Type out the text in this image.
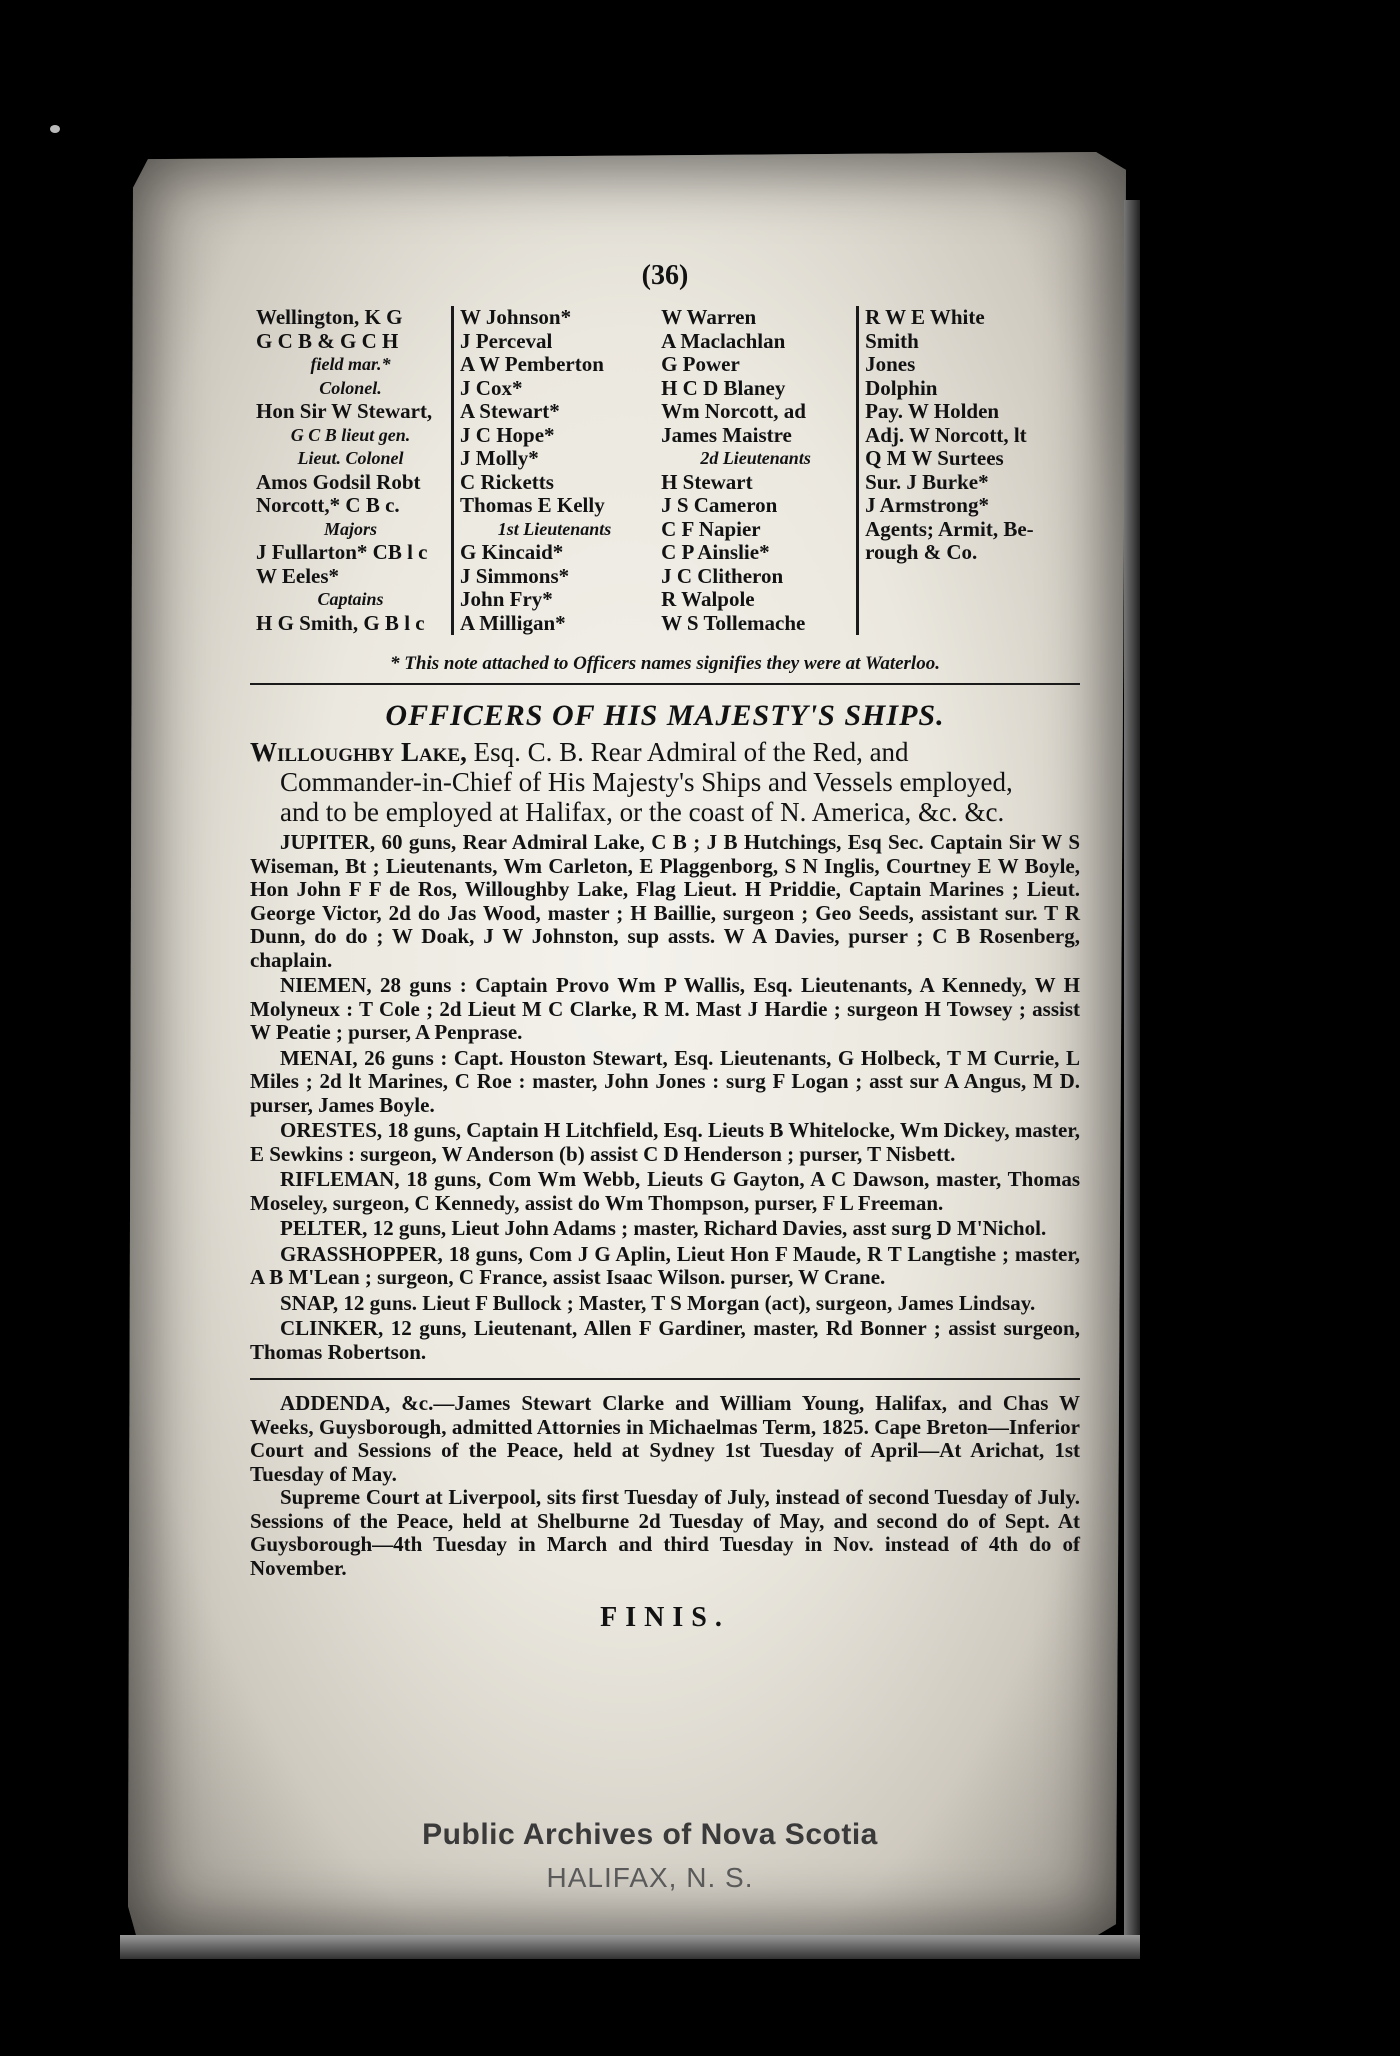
(36)
Wellington, K G
G C B & G C H
field mar.*
Colonel.
Hon Sir W Stewart,
G C B lieut gen.
Lieut. Colonel
Amos Godsil Robt
Norcott,* C B c.
Majors
J Fullarton* CB l c
W Eeles*
Captains
H G Smith, G B l c
W Johnson*
J Perceval
A W Pemberton
J Cox*
A Stewart*
J C Hope*
J Molly*
C Ricketts
Thomas E Kelly
1st Lieutenants
G Kincaid*
J Simmons*
John Fry*
A Milligan*
W Warren
A Maclachlan
G Power
H C D Blaney
Wm Norcott, ad
James Maistre
2d Lieutenants
H Stewart
J S Cameron
C F Napier
C P Ainslie*
J C Clitheron
R Walpole
W S Tollemache
R W E White
Smith
Jones
Dolphin
Pay. W Holden
Adj. W Norcott, lt
Q M W Surtees
Sur. J Burke*
J Armstrong*
Agents; Armit, Be-
rough & Co.
* This note attached to Officers names signifies they were at Waterloo.
OFFICERS OF HIS MAJESTY'S SHIPS.
Willoughby Lake, Esq. C. B. Rear Admiral of the Red, and
Commander-in-Chief of His Majesty's Ships and Vessels employed,
and to be employed at Halifax, or the coast of N. America, &c. &c.

JUPITER, 60 guns, Rear Admiral Lake, C B ; J B Hutchings, Esq Sec. Captain Sir W S Wiseman, Bt ; Lieutenants, Wm Carleton, E Plaggenborg, S N Inglis, Courtney E W Boyle, Hon John F F de Ros, Willoughby Lake, Flag Lieut. H Priddie, Captain Marines ; Lieut. George Victor, 2d do Jas Wood, master ; H Baillie, surgeon ; Geo Seeds, assistant sur. T R Dunn, do do ; W Doak, J W Johnston, sup assts. W A Davies, purser ; C B Rosenberg, chaplain.

NIEMEN, 28 guns : Captain Provo Wm P Wallis, Esq. Lieutenants, A Kennedy, W H Molyneux : T Cole ; 2d Lieut M C Clarke, R M. Mast J Hardie ; surgeon H Towsey ; assist W Peatie ; purser, A Penprase.

MENAI, 26 guns : Capt. Houston Stewart, Esq. Lieutenants, G Holbeck, T M Currie, L Miles ; 2d lt Marines, C Roe : master, John Jones : surg F Logan ; asst sur A Angus, M D. purser, James Boyle.

ORESTES, 18 guns, Captain H Litchfield, Esq. Lieuts B Whitelocke, Wm Dickey, master, E Sewkins : surgeon, W Anderson (b) assist C D Henderson ; purser, T Nisbett.

RIFLEMAN, 18 guns, Com Wm Webb, Lieuts G Gayton, A C Dawson, master, Thomas Moseley, surgeon, C Kennedy, assist do Wm Thompson, purser, F L Freeman.

PELTER, 12 guns, Lieut John Adams ; master, Richard Davies, asst surg D M'Nichol.

GRASSHOPPER, 18 guns, Com J G Aplin, Lieut Hon F Maude, R T Langtishe ; master, A B M'Lean ; surgeon, C France, assist Isaac Wilson. purser, W Crane.

SNAP, 12 guns. Lieut F Bullock ; Master, T S Morgan (act), surgeon, James Lindsay.

CLINKER, 12 guns, Lieutenant, Allen F Gardiner, master, Rd Bonner ; assist surgeon, Thomas Robertson.

ADDENDA, &c.—James Stewart Clarke and William Young, Halifax, and Chas W Weeks, Guysborough, admitted Attornies in Michaelmas Term, 1825. Cape Breton—Inferior Court and Sessions of the Peace, held at Sydney 1st Tuesday of April—At Arichat, 1st Tuesday of May.

Supreme Court at Liverpool, sits first Tuesday of July, instead of second Tuesday of July. Sessions of the Peace, held at Shelburne 2d Tuesday of May, and second do of Sept. At Guysborough—4th Tuesday in March and third Tuesday in Nov. instead of 4th do of November.

FINIS.
Public Archives of Nova Scotia
HALIFAX, N. S.
